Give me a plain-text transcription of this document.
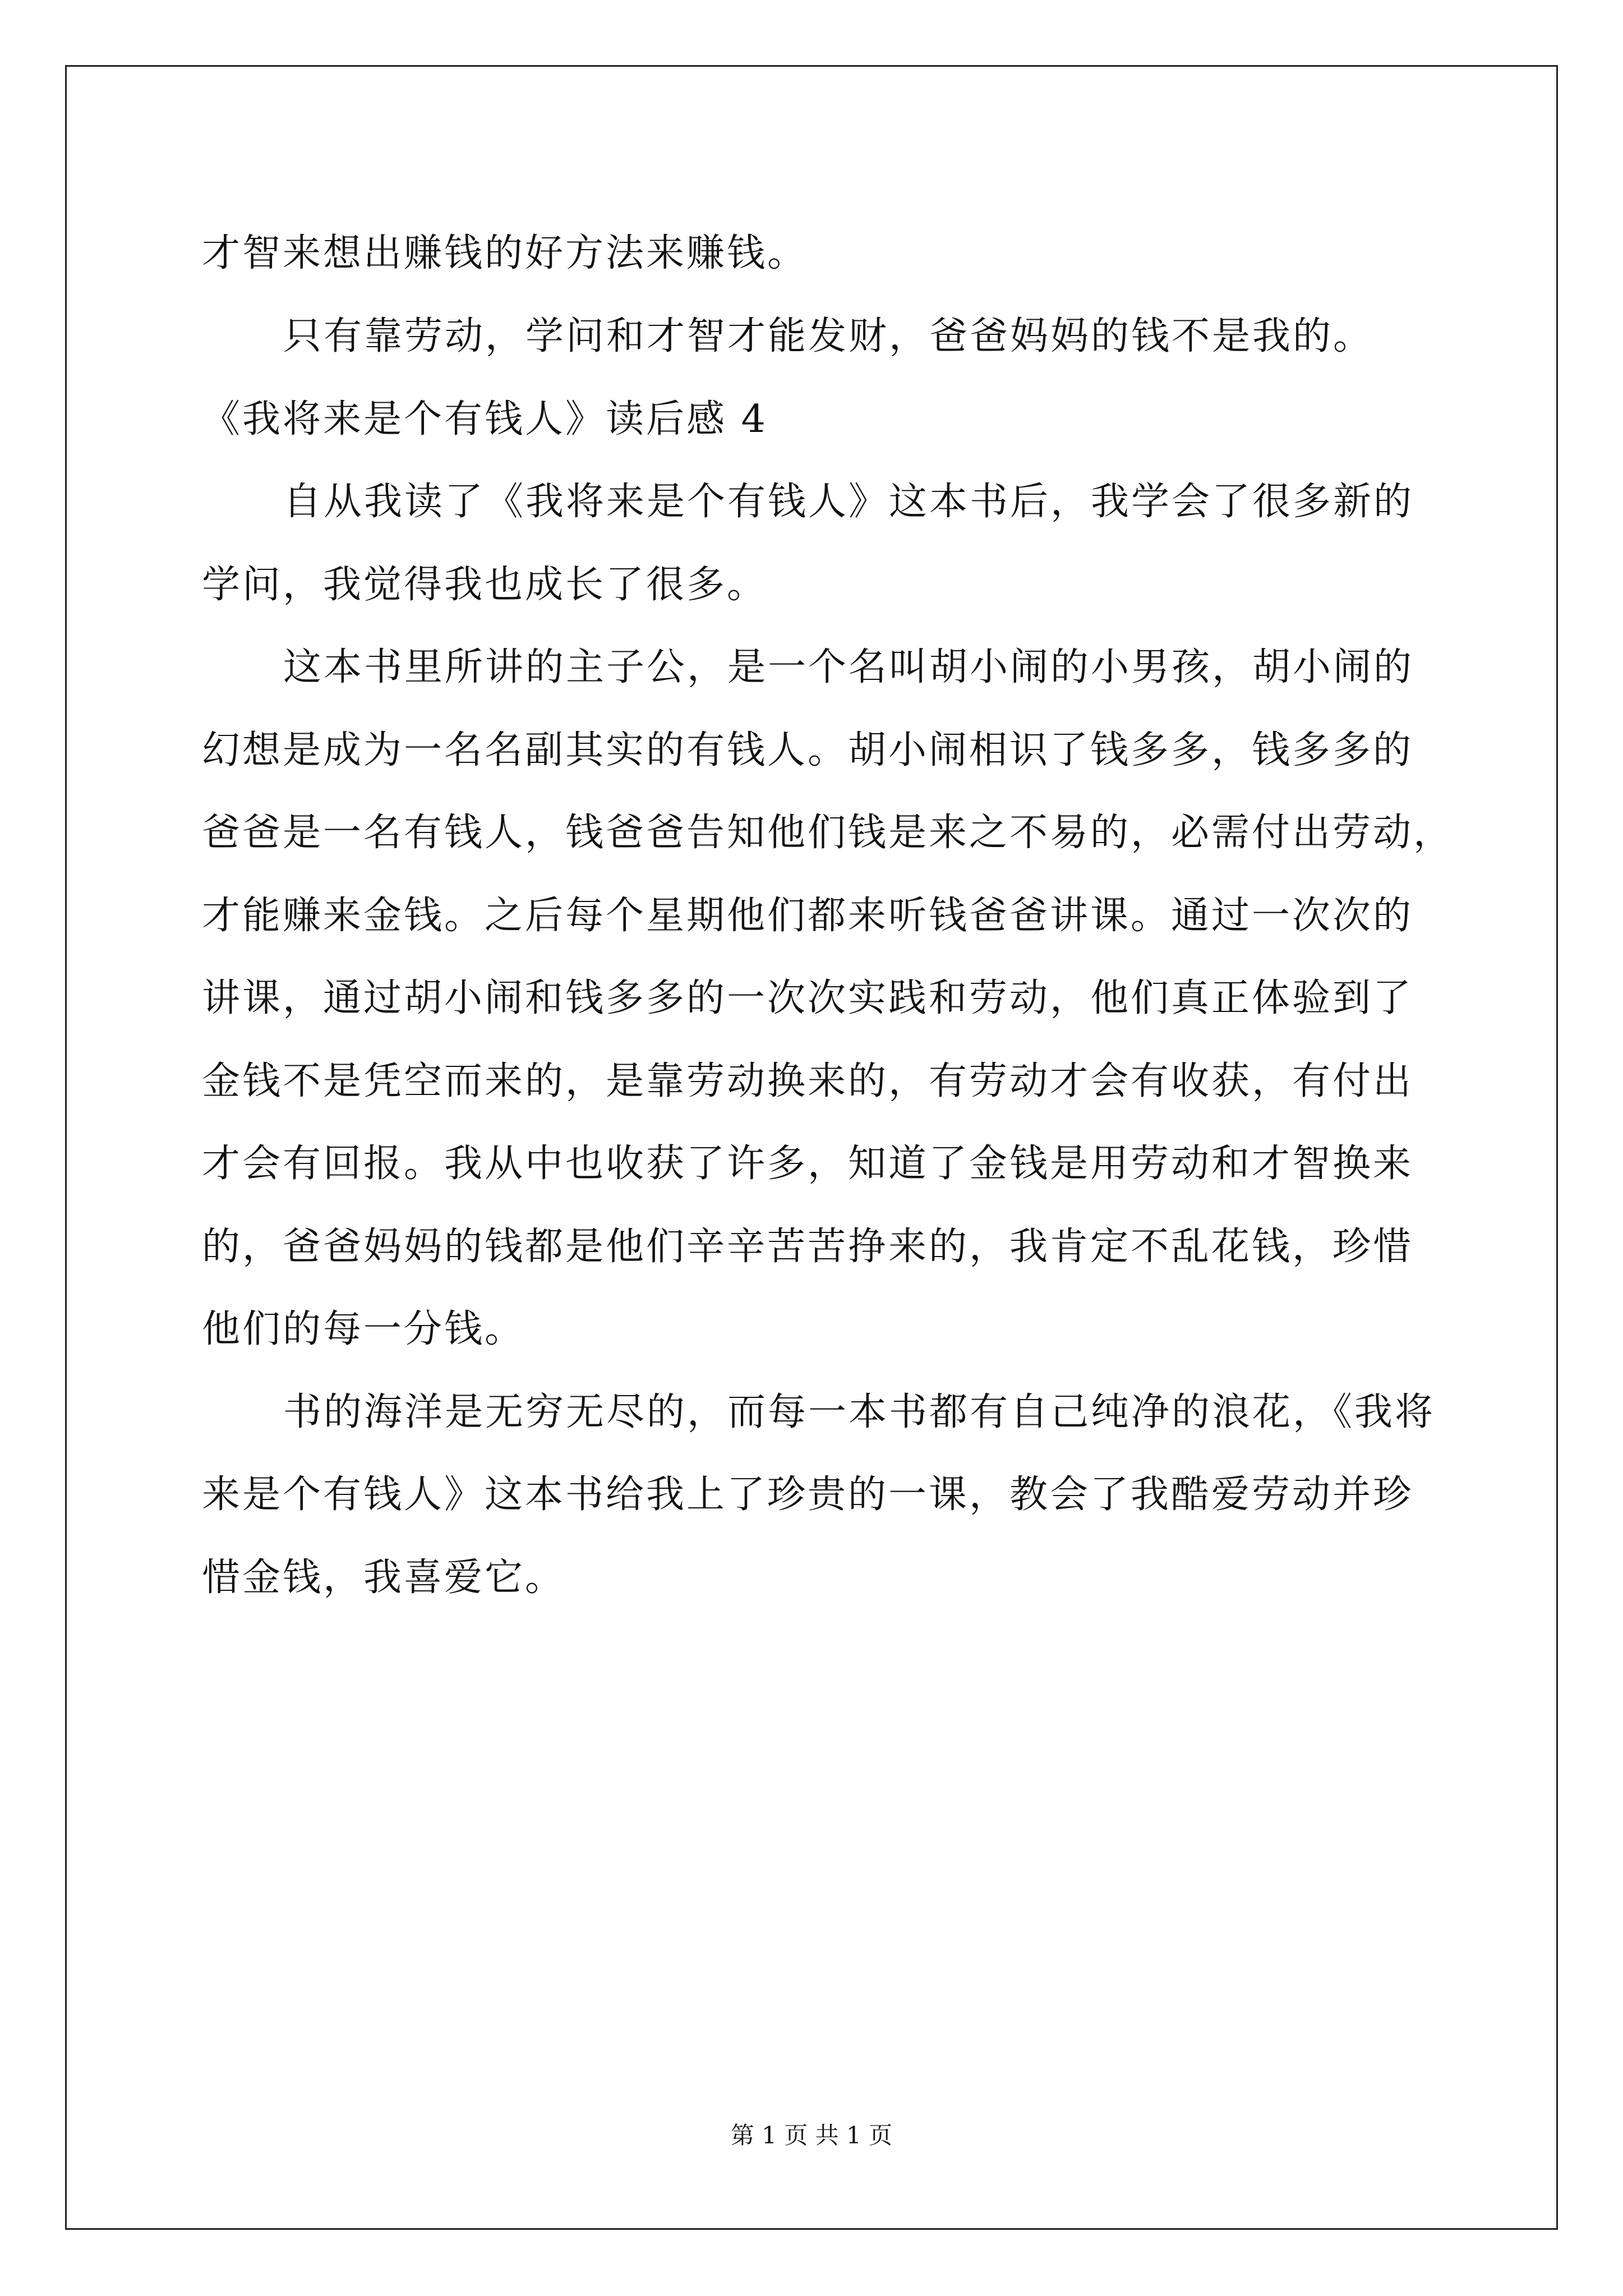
才智来想出赚钱的好方法来赚钱。
只有靠劳动，学问和才智才能发财，爸爸妈妈的钱不是我的。
《我将来是个有钱人》读后感 4
自从我读了《我将来是个有钱人》这本书后，我学会了很多新的
学问，我觉得我也成长了很多。
这本书里所讲的主子公，是一个名叫胡小闹的小男孩，胡小闹的
幻想是成为一名名副其实的有钱人。胡小闹相识了钱多多，钱多多的
爸爸是一名有钱人，钱爸爸告知他们钱是来之不易的，必需付出劳动，
才能赚来金钱。之后每个星期他们都来听钱爸爸讲课。通过一次次的
讲课，通过胡小闹和钱多多的一次次实践和劳动，他们真正体验到了
金钱不是凭空而来的，是靠劳动换来的，有劳动才会有收获，有付出
才会有回报。我从中也收获了许多，知道了金钱是用劳动和才智换来
的，爸爸妈妈的钱都是他们辛辛苦苦挣来的，我肯定不乱花钱，珍惜
他们的每一分钱。
书的海洋是无穷无尽的，而每一本书都有自己纯净的浪花，《我将
来是个有钱人》这本书给我上了珍贵的一课，教会了我酷爱劳动并珍
惜金钱，我喜爱它。
第 1 页 共 1 页
